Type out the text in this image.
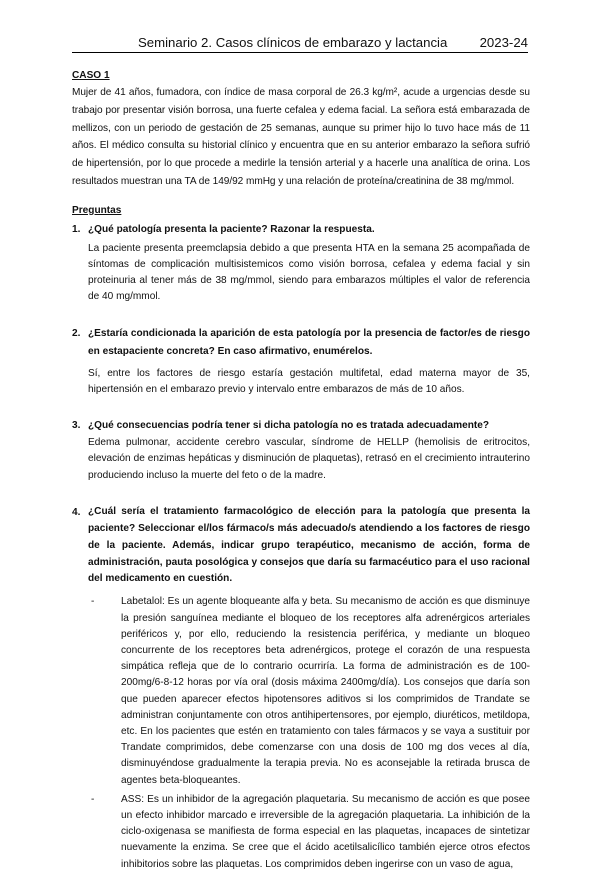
Seminario 2. Casos clínicos de embarazo y lactancia 2023-24

CASO 1

Mujer de 41 años, fumadora, con índice de masa corporal de 26.3 kg/m², acude a urgencias desde su trabajo por presentar visión borrosa, una fuerte cefalea y edema facial. La señora está embarazada de mellizos, con un periodo de gestación de 25 semanas, aunque su primer hijo lo tuvo hace más de 11 años. El médico consulta su historial clínico y encuentra que en su anterior embarazo la señora sufrió de hipertensión, por lo que procede a medirle la tensión arterial y a hacerle una analítica de orina. Los resultados muestran una TA de 149/92 mmHg y una relación de proteína/creatinina de 38 mg/mmol.

Preguntas

1. ¿Qué patología presenta la paciente? Razonar la respuesta.

La paciente presenta preemclapsia debido a que presenta HTA en la semana 25 acompañada de síntomas de complicación multisistemicos como visión borrosa, cefalea y edema facial y sin proteinuria al tener más de 38 mg/mmol, siendo para embarazos múltiples el valor de referencia de 40 mg/mmol.

2. ¿Estaría condicionada la aparición de esta patología por la presencia de factor/es de riesgo en estapaciente concreta? En caso afirmativo, enumérelos.

Sí, entre los factores de riesgo estaría gestación multifetal, edad materna mayor de 35, hipertensión en el embarazo previo y intervalo entre embarazos de más de 10 años.

3. ¿Qué consecuencias podría tener si dicha patología no es tratada adecuadamente?

Edema pulmonar, accidente cerebro vascular, síndrome de HELLP (hemolisis de eritrocitos, elevación de enzimas hepáticas y disminución de plaquetas), retrasó en el crecimiento intrauterino produciendo incluso la muerte del feto o de la madre.

4. ¿Cuál sería el tratamiento farmacológico de elección para la patología que presenta la paciente? Seleccionar el/los fármaco/s más adecuado/s atendiendo a los factores de riesgo de la paciente. Además, indicar grupo terapéutico, mecanismo de acción, forma de administración, pauta posológica y consejos que daría su farmacéutico para el uso racional del medicamento en cuestión.

-	Labetalol: Es un agente bloqueante alfa y beta. Su mecanismo de acción es que disminuye la presión sanguínea mediante el bloqueo de los receptores alfa adrenérgicos arteriales periféricos y, por ello, reduciendo la resistencia periférica, y mediante un bloqueo concurrente de los receptores beta adrenérgicos, protege el corazón de una respuesta simpática refleja que de lo contrario ocurriría. La forma de administración es de 100-200mg/6-8-12 horas por vía oral (dosis máxima 2400mg/día). Los consejos que daría son que pueden aparecer efectos hipotensores aditivos si los comprimidos de Trandate se administran conjuntamente con otros antihipertensores, por ejemplo, diuréticos, metildopa, etc. En los pacientes que estén en tratamiento con tales fármacos y se vaya a sustituir por Trandate comprimidos, debe comenzarse con una dosis de 100 mg dos veces al día, disminuyéndose gradualmente la terapia previa. No es aconsejable la retirada brusca de agentes beta-bloqueantes.
-	ASS: Es un inhibidor de la agregación plaquetaria. Su mecanismo de acción es que posee un efecto inhibidor marcado e irreversible de la agregación plaquetaria. La inhibición de la ciclo-oxigenasa se manifiesta de forma especial en las plaquetas, incapaces de sintetizar nuevamente la enzima. Se cree que el ácido acetilsalicílico también ejerce otros efectos inhibitorios sobre las plaquetas. Los comprimidos deben ingerirse con un vaso de agua,
